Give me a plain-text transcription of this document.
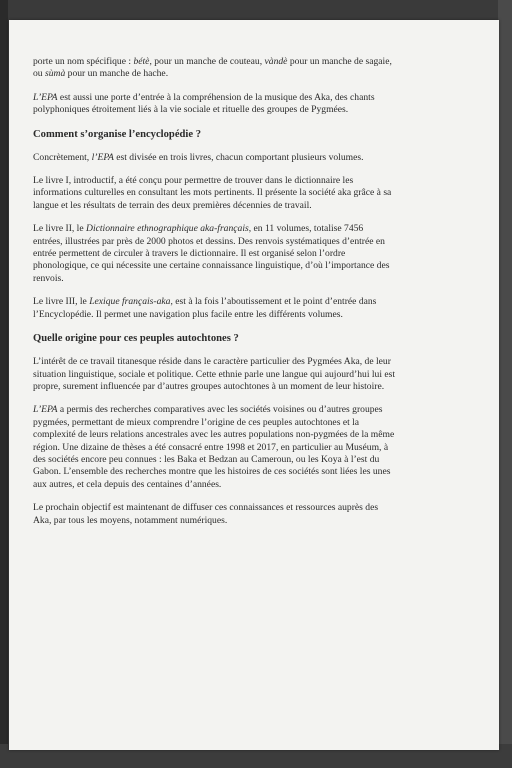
porte un nom spécifique : bétè, pour un manche de couteau, vàndè pour un manche de sagaie,
ou sùmà pour un manche de hache.

L’EPA est aussi une porte d’entrée à la compréhension de la musique des Aka, des chants
polyphoniques étroitement liés à la vie sociale et rituelle des groupes de Pygmées.

Comment s’organise l’encyclopédie ?

Concrètement, l’EPA est divisée en trois livres, chacun comportant plusieurs volumes.

Le livre I, introductif, a été conçu pour permettre de trouver dans le dictionnaire les
informations culturelles en consultant les mots pertinents. Il présente la société aka grâce à sa
langue et les résultats de terrain des deux premières décennies de travail.

Le livre II, le Dictionnaire ethnographique aka-français, en 11 volumes, totalise 7456
entrées, illustrées par près de 2000 photos et dessins. Des renvois systématiques d’entrée en
entrée permettent de circuler à travers le dictionnaire. Il est organisé selon l’ordre
phonologique, ce qui nécessite une certaine connaissance linguistique, d’où l’importance des
renvois.

Le livre III, le Lexique français-aka, est à la fois l’aboutissement et le point d’entrée dans
l’Encyclopédie. Il permet une navigation plus facile entre les différents volumes.

Quelle origine pour ces peuples autochtones ?

L’intérêt de ce travail titanesque réside dans le caractère particulier des Pygmées Aka, de leur
situation linguistique, sociale et politique. Cette ethnie parle une langue qui aujourd’hui lui est
propre, surement influencée par d’autres groupes autochtones à un moment de leur histoire.

L’EPA a permis des recherches comparatives avec les sociétés voisines ou d’autres groupes
pygmées, permettant de mieux comprendre l’origine de ces peuples autochtones et la
complexité de leurs relations ancestrales avec les autres populations non-pygmées de la même
région. Une dizaine de thèses a été consacré entre 1998 et 2017, en particulier au Muséum, à
des sociétés encore peu connues : les Baka et Bedzan au Cameroun, ou les Koya à l’est du
Gabon. L’ensemble des recherches montre que les histoires de ces sociétés sont liées les unes
aux autres, et cela depuis des centaines d’années.

Le prochain objectif est maintenant de diffuser ces connaissances et ressources auprès des
Aka, par tous les moyens, notamment numériques.
